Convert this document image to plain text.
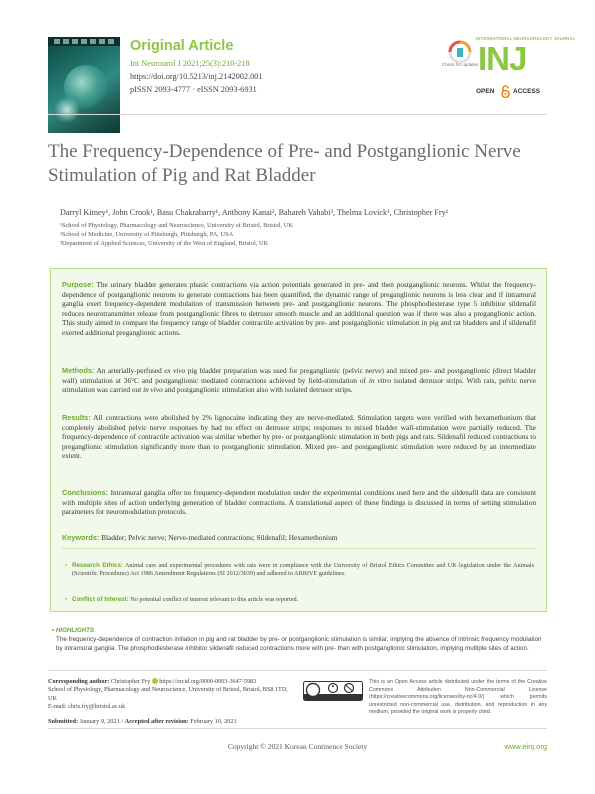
Original Article
Int Neurourol J 2021;25(3):210-218
https://doi.org/10.5213/inj.2142002.001
pISSN 2093-4777 · eISSN 2093-6931
Check for updates
INTERNATIONAL NEUROUROLOGY JOURNAL
INJ
OPEN	ACCESS
The Frequency-Dependence of Pre- and Postganglionic Nerve Stimulation of Pig and Rat Bladder
Darryl Kitney¹, John Crook¹, Basu Chakrabarty¹, Anthony Kanai², Bahareh Vahabi³, Thelma Lovick¹, Christopher Fry¹
¹School of Physiology, Pharmacology and Neuroscience, University of Bristol, Bristol, UK
²School of Medicine, University of Pittsburgh, Pittsburgh, PA, USA
³Department of Applied Sciences, University of the West of England, Bristol, UK
Purpose: The urinary bladder generates phasic contractions via action potentials generated in pre- and then postganglionic neurons. Whilst the frequency-dependence of postganglionic neurons to generate contractions has been quantified, the dynamic range of preganglionic neurons is less clear and if intramural ganglia exert frequency-dependent modulation of transmission between pre- and postganglionic neurons. The phosphodiesterase type 5 inhibitor sildenafil reduces neurotransmitter release from postganglionic fibres to detrusor smooth muscle and an additional question was if there was also a preganglionic action. This study aimed to compare the frequency range of bladder contractile activation by pre- and postganglionic stimulation in pig and rat bladders and if sildenafil exerted additional preganglionic actions.
Methods: An arterially-perfused ex vivo pig bladder preparation was used for preganglionic (pelvic nerve) and mixed pre- and postganglionic (direct bladder wall) stimulation at 36°C and postganglionic mediated contractions achieved by field-stimulation of in vitro isolated detrusor strips. With rats, pelvic nerve stimulation was carried out in vivo and postganglionic stimulation also with isolated detrusor strips.
Results: All contractions were abolished by 2% lignocaine indicating they are nerve-mediated. Stimulation targets were verified with hexamethonium that completely abolished pelvic nerve responses by had no effect on detrusor strips; responses to mixed bladder wall-stimulation were partially reduced. The frequency-dependence of contractile activation was similar whether by pre- or postganglionic stimulation in both pigs and rats. Sildenafil reduced contractions to preganglionic stimulation significantly more than to postganglionic stimulation. Mixed pre- and postganglionic stimulation were reduced by an intermediate extent.
Conclusions: Intramural ganglia offer no frequency-dependent modulation under the experimental conditions used here and the sildenafil data are consistent with multiple sites of action underlying generation of bladder contractions. A translational aspect of these findings is discussed in terms of setting stimulation parameters for neuromodulation protocols.
Keywords: Bladder; Pelvic nerve; Nerve-mediated contractions; Sildenafil; Hexamethonium
• Research Ethics: Animal care and experimental procedures with rats were in compliance with the University of Bristol Ethics Committee and UK legislation under the Animals (Scientific Procedures) Act 1986 Amendment Regulations (SI 2012/3039) and adhered to ARRIVE guidelines.
• Conflict of Interest: No potential conflict of interest relevant to this article was reported.
• HIGHLIGHTS
The frequency-dependence of contraction initiation in pig and rat bladder by pre- or postganglionic stimulation is similar, implying the absence of intrinsic frequency modulation by intramural ganglia. The phosphodiesterase inhibitor sildenafil reduced contractions more with pre- than with postganglionic stimulation, implying multiple sites of action.
Corresponding author: Christopher Fry https://orcid.org/0000-0003-3647-5983
School of Physiology, Pharmacology and Neuroscience, University of Bristol, Bristol, BS8 1TD, UK
E-mail: chris.fry@bristol.ac.uk
This is an Open Access article distributed under the terms of the Creative Commons Attribution Non-Commercial License (https://creativecommons.org/licenses/by-nc/4.0/) which permits unrestricted non-commercial use, distribution, and reproduction in any medium, provided the original work is properly cited.
Submitted: January 9, 2021 / Accepted after revision: February 10, 2021
Copyright © 2021 Korean Continence Society	www.einj.org
